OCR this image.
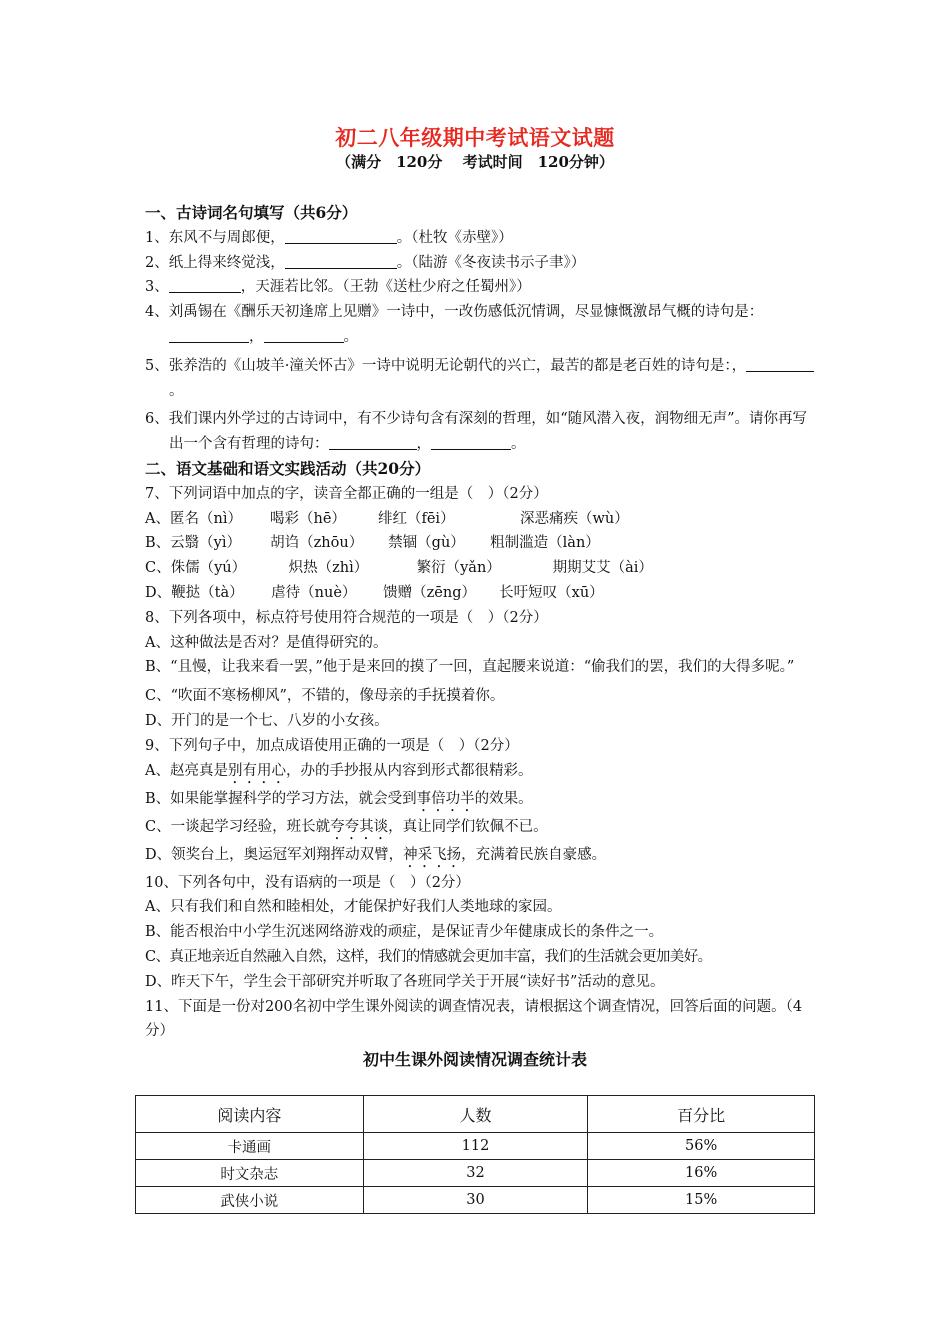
初二八年级期中考试语文试题
（满分　120分　 考试时间　120分钟）

一、古诗词名句填写（共6分）

1、东风不与周郎便，	。（杜牧《赤壁》）

2、纸上得来终觉浅，	。（陆游《冬夜读书示子聿》）

3、	，天涯若比邻。（王勃《送杜少府之任蜀州》）

4、刘禹锡在《酬乐天初逢席上见赠》一诗中，一改伤感低沉情调，尽显慷慨激昂气概的诗句是：，	。

5、张养浩的《山坡羊·潼关怀古》一诗中说明无论朝代的兴亡，最苦的都是老百姓的诗句是：，。

6、我们课内外学过的古诗词中，有不少诗句含有深刻的哲理，如“随风潜入夜，润物细无声”。请你再写出一个含有哲理的诗句：	，	。

二、语文基础和语文实践活动（共20分）

7、下列词语中加点的字，读音全都正确的一组是（　）（2分）

A、匿名（nì） 喝彩（hē） 绯红（fēi）	深恶痛疾（wù）

B、云翳（yì） 胡诌（zhōu） 禁锢（gù） 粗制滥造（làn）

C、侏儒（yú）	炽热（zhì）	繁衍（yǎn）	期期艾艾（ài）

D、鞭挞（tà） 虐待（nuè） 馈赠（zēng） 长吁短叹（xū）

8、下列各项中，标点符号使用符合规范的一项是（　）（2分）

A、这种做法是否对？是值得研究的。

B、“且慢，让我来看一罢，”他于是来回的摸了一回，直起腰来说道：“偷我们的罢，我们的大得多呢。”

C、“吹面不寒杨柳风”，不错的，像母亲的手抚摸着你。

D、开门的是一个七、八岁的小女孩。

9、下列句子中，加点成语使用正确的一项是（　）（2分）

A、赵亮真是别有用心，办的手抄报从内容到形式都很精彩。

B、如果能掌握科学的学习方法，就会受到事倍功半的效果。

C、一谈起学习经验，班长就夸夸其谈，真让同学们钦佩不已。

D、领奖台上，奥运冠军刘翔挥动双臂，神采飞扬，充满着民族自豪感。

10、下列各句中，没有语病的一项是（　）（2分）

A、只有我们和自然和睦相处，才能保护好我们人类地球的家园。

B、能否根治中小学生沉迷网络游戏的顽症，是保证青少年健康成长的条件之一。

C、真正地亲近自然融入自然，这样，我们的情感就会更加丰富，我们的生活就会更加美好。

D、昨天下午，学生会干部研究并听取了各班同学关于开展“读好书”活动的意见。

11、下面是一份对200名初中学生课外阅读的调查情况表，请根据这个调查情况，回答后面的问题。（4分）

初中生课外阅读情况调查统计表
阅读内容	人数	百分比
卡通画	112	56%
时文杂志	32	16%
武侠小说	30	15%
